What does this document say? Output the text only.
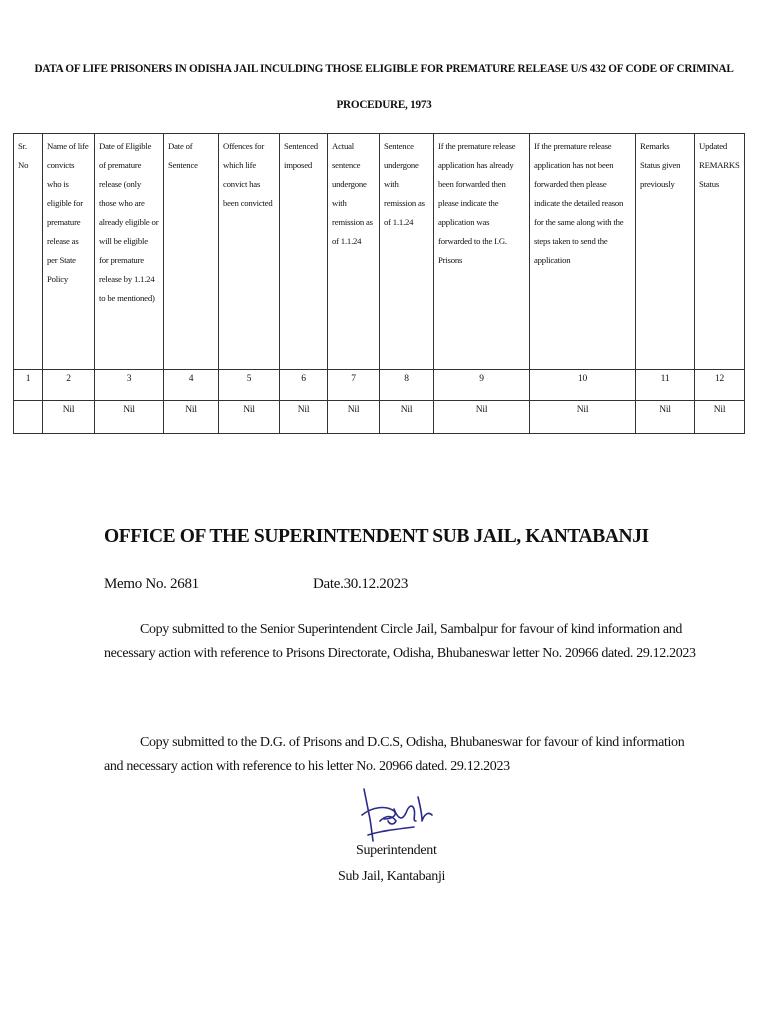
DATA OF LIFE PRISONERS IN ODISHA JAIL INCULDING THOSE ELIGIBLE FOR PREMATURE RELEASE U/S 432 OF CODE OF CRIMINAL
PROCEDURE, 1973
Sr. No	Name of life convicts who is eligible for premature release as per State Policy	Date of Eligible of premature release (only those who are already eligible or will be eligible for premature release by 1.1.24 to be mentioned)	Date of Sentence	Offences for which life convict has been convicted	Sentenced imposed	Actual sentence undergone with remission as of 1.1.24	Sentence undergone with remission as of 1.1.24	If the premature release application has already been forwarded then please indicate the application was forwarded to the I.G. Prisons	If the premature release application has not been forwarded then please indicate the detailed reason for the same along with the steps taken to send the application	Remarks Status given previously	Updated REMARKS Status
1	2	3	4	5	6	7	8	9	10	11	12
	Nil	Nil	Nil	Nil	Nil	Nil	Nil	Nil	Nil	Nil	Nil
OFFICE OF THE SUPERINTENDENT SUB JAIL, KANTABANJI
Memo No. 2681	Date.30.12.2023
Copy submitted to the Senior Superintendent Circle Jail, Sambalpur for favour of kind information and necessary action with reference to Prisons Directorate, Odisha, Bhubaneswar letter No. 20966 dated. 29.12.2023
Copy submitted to the D.G. of Prisons and D.C.S, Odisha, Bhubaneswar for favour of kind information and necessary action with reference to his letter No. 20966 dated. 29.12.2023
Superintendent
Sub Jail, Kantabanji
